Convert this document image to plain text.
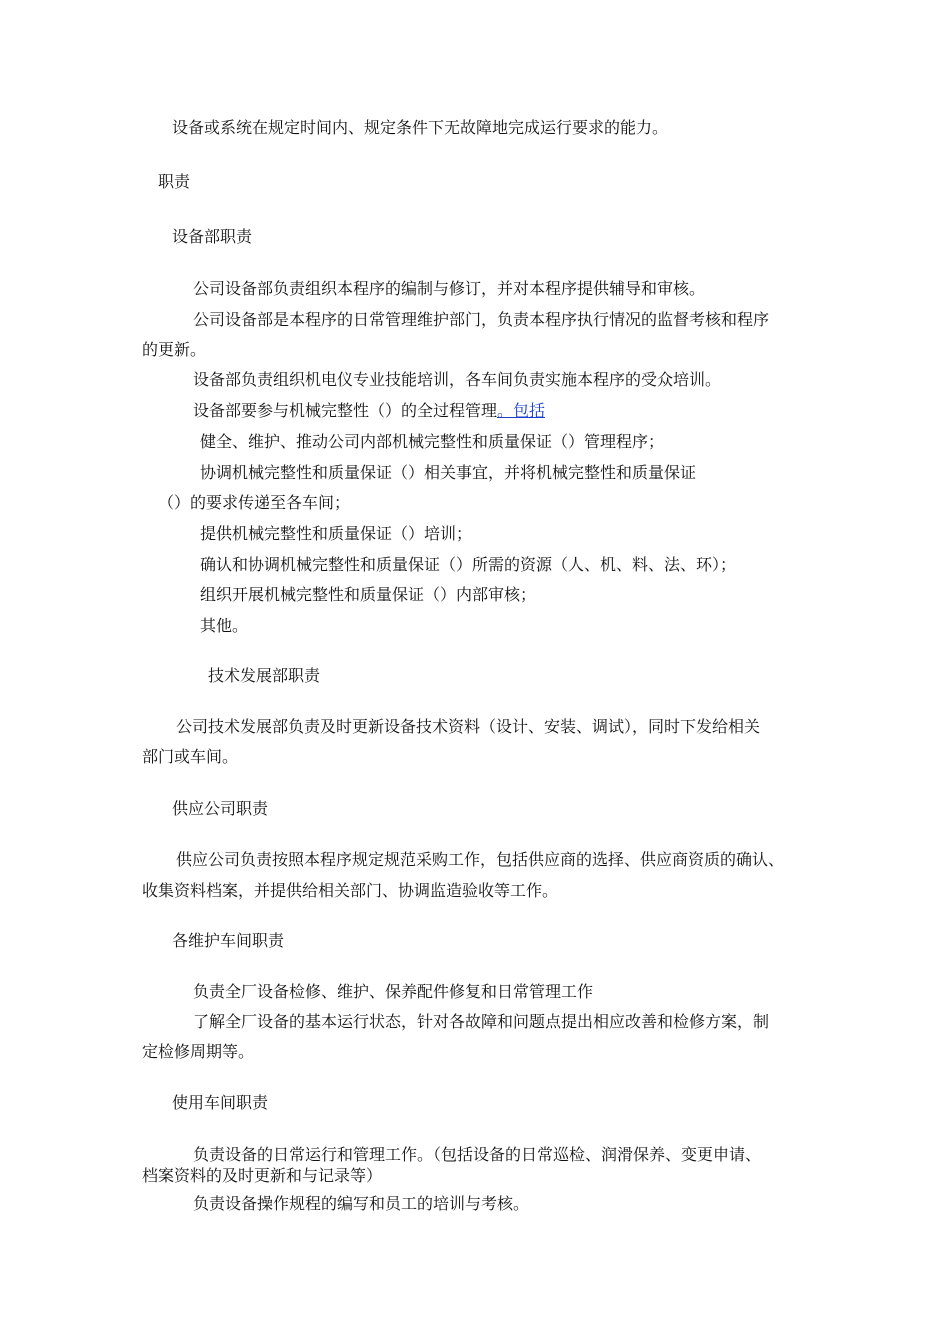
设备或系统在规定时间内、规定条件下无故障地完成运行要求的能力。
职责
设备部职责
公司设备部负责组织本程序的编制与修订，并对本程序提供辅导和审核。
公司设备部是本程序的日常管理维护部门，负责本程序执行情况的监督考核和程序
的更新。
设备部负责组织机电仪专业技能培训，各车间负责实施本程序的受众培训。
设备部要参与机械完整性（）的全过程管理。包括
健全、维护、推动公司内部机械完整性和质量保证（）管理程序；
协调机械完整性和质量保证（）相关事宜，并将机械完整性和质量保证
（）的要求传递至各车间；
提供机械完整性和质量保证（）培训；
确认和协调机械完整性和质量保证（）所需的资源（人、机、料、法、环）；
组织开展机械完整性和质量保证（）内部审核；
其他。
技术发展部职责
公司技术发展部负责及时更新设备技术资料（设计、安装、调试），同时下发给相关
部门或车间。
供应公司职责
供应公司负责按照本程序规定规范采购工作，包括供应商的选择、供应商资质的确认、
收集资料档案，并提供给相关部门、协调监造验收等工作。
各维护车间职责
负责全厂设备检修、维护、保养配件修复和日常管理工作
了解全厂设备的基本运行状态，针对各故障和问题点提出相应改善和检修方案，制
定检修周期等。
使用车间职责
负责设备的日常运行和管理工作。（包括设备的日常巡检、润滑保养、变更申请、
档案资料的及时更新和与记录等）
负责设备操作规程的编写和员工的培训与考核。
